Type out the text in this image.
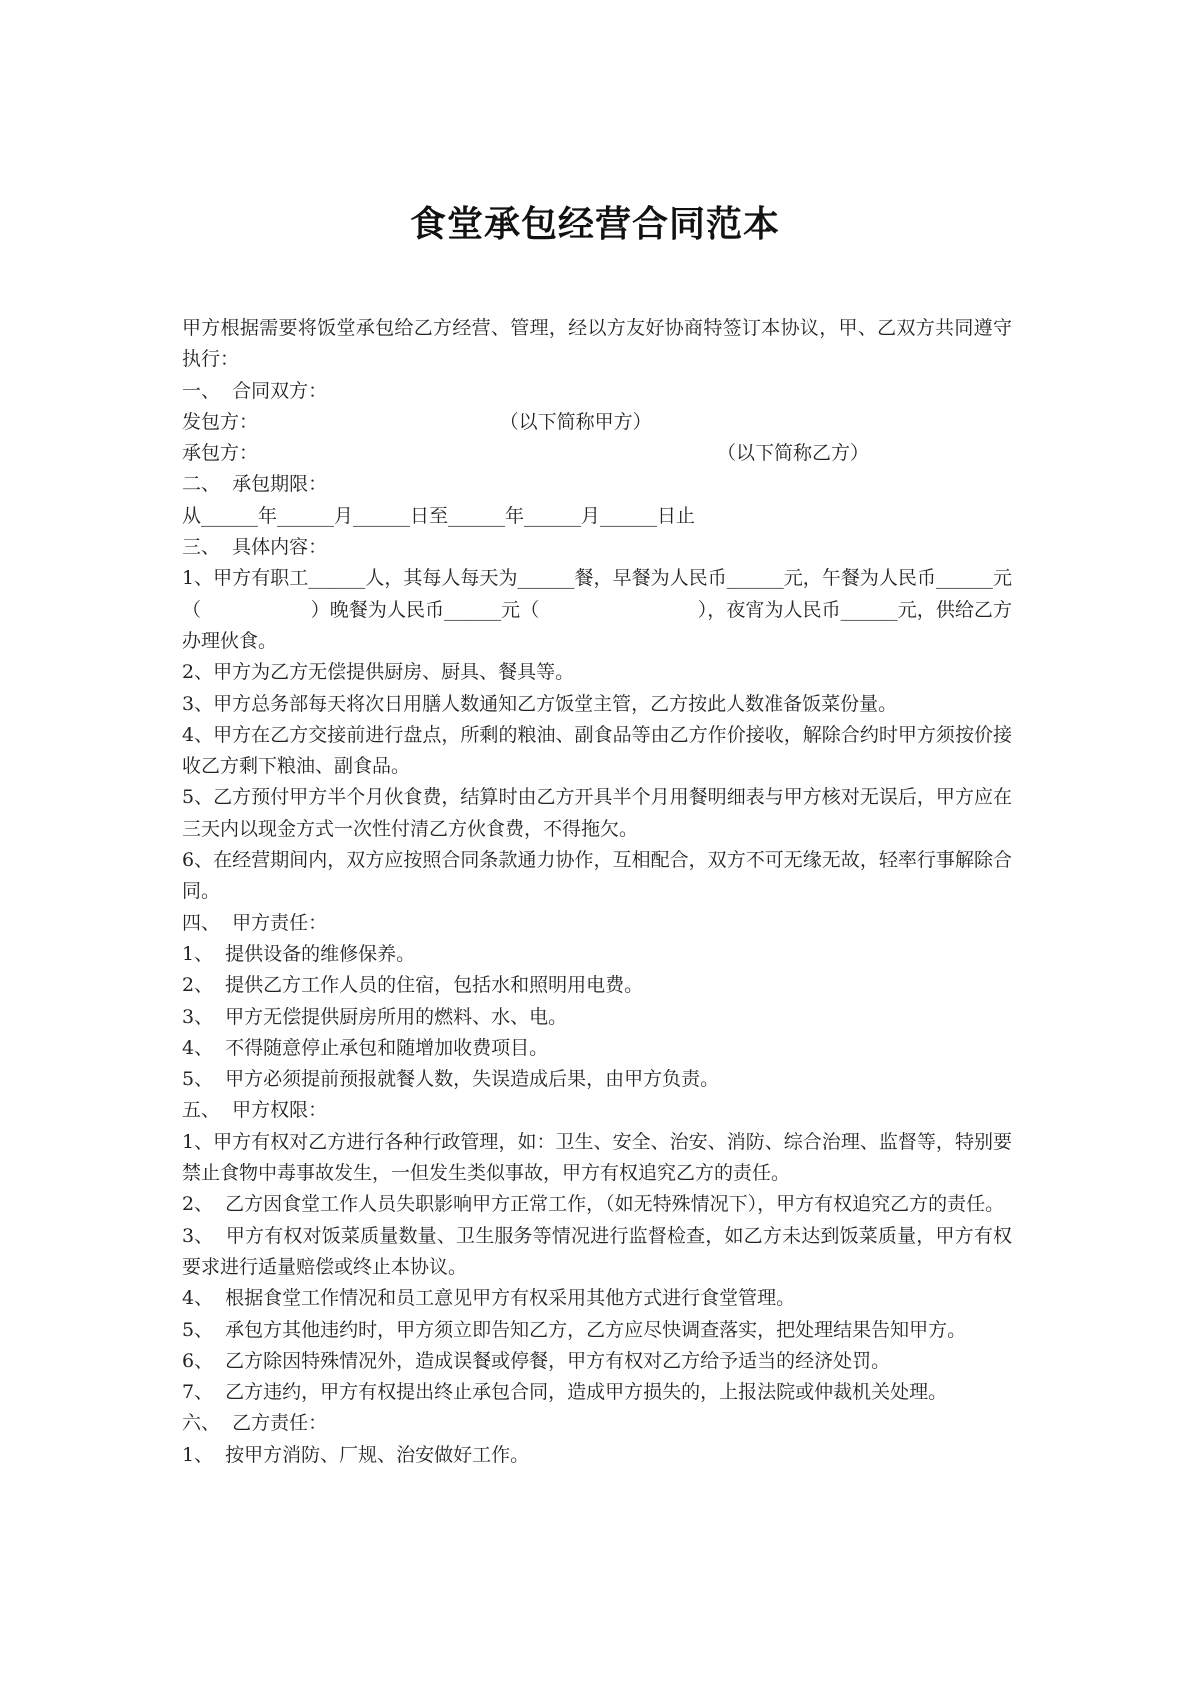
食堂承包经营合同范本
甲方根据需要将饭堂承包给乙方经营、管理，经以方友好协商特签订本协议，甲、乙双方共同遵守执行：
一、  合同双方：
发包方：                                        （以下简称甲方）
承包方：                                                                            （以下简称乙方）
二、  承包期限：
从______年______月______日至______年______月______日止
三、  具体内容：
1、甲方有职工______人，其每人每天为______餐，早餐为人民币______元，午餐为人民币______元（                  ）晚餐为人民币______元（                          ），夜宵为人民币______元，供给乙方办理伙食。
2、甲方为乙方无偿提供厨房、厨具、餐具等。
3、甲方总务部每天将次日用膳人数通知乙方饭堂主管，乙方按此人数准备饭菜份量。
4、甲方在乙方交接前进行盘点，所剩的粮油、副食品等由乙方作价接收，解除合约时甲方须按价接收乙方剩下粮油、副食品。
5、乙方预付甲方半个月伙食费，结算时由乙方开具半个月用餐明细表与甲方核对无误后，甲方应在三天内以现金方式一次性付清乙方伙食费，不得拖欠。
6、在经营期间内，双方应按照合同条款通力协作，互相配合，双方不可无缘无故，轻率行事解除合同。
四、  甲方责任：
1、  提供设备的维修保养。
2、  提供乙方工作人员的住宿，包括水和照明用电费。
3、  甲方无偿提供厨房所用的燃料、水、电。
4、  不得随意停止承包和随增加收费项目。
5、  甲方必须提前预报就餐人数，失误造成后果，由甲方负责。
五、  甲方权限：
1、甲方有权对乙方进行各种行政管理，如：卫生、安全、治安、消防、综合治理、监督等，特别要禁止食物中毒事故发生，一但发生类似事故，甲方有权追究乙方的责任。
2、  乙方因食堂工作人员失职影响甲方正常工作，（如无特殊情况下），甲方有权追究乙方的责任。
3、  甲方有权对饭菜质量数量、卫生服务等情况进行监督检查，如乙方未达到饭菜质量，甲方有权要求进行适量赔偿或终止本协议。
4、  根据食堂工作情况和员工意见甲方有权采用其他方式进行食堂管理。
5、  承包方其他违约时，甲方须立即告知乙方，乙方应尽快调查落实，把处理结果告知甲方。
6、  乙方除因特殊情况外，造成误餐或停餐，甲方有权对乙方给予适当的经济处罚。
7、  乙方违约，甲方有权提出终止承包合同，造成甲方损失的，上报法院或仲裁机关处理。
六、  乙方责任：
1、  按甲方消防、厂规、治安做好工作。
